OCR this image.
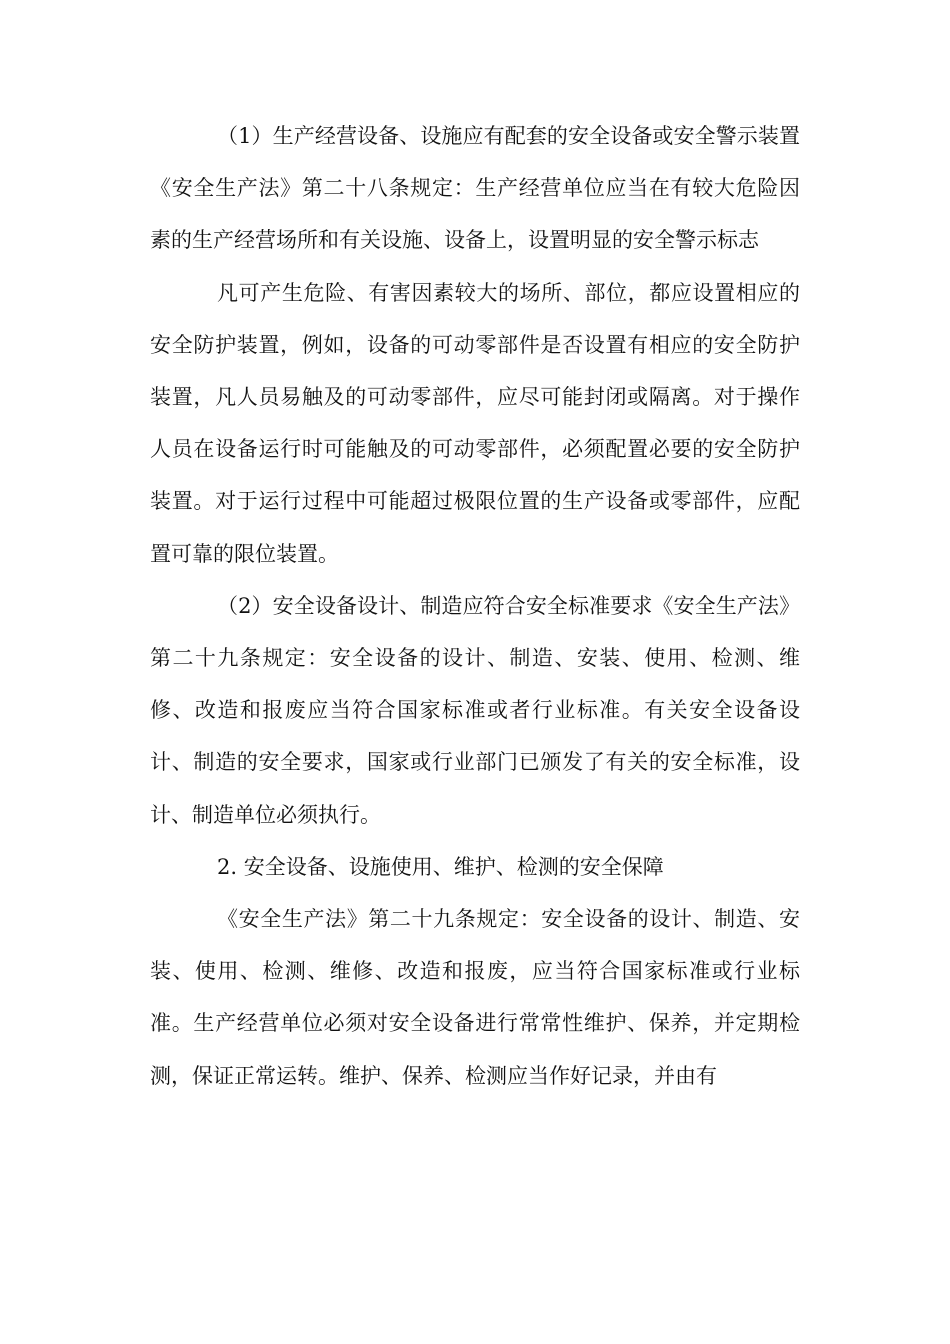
（1）生产经营设备、设施应有配套的安全设备或安全警示装置《安全生产法》第二十八条规定：生产经营单位应当在有较大危险因素的生产经营场所和有关设施、设备上，设置明显的安全警示标志

凡可产生危险、有害因素较大的场所、部位，都应设置相应的安全防护装置，例如，设备的可动零部件是否设置有相应的安全防护装置，凡人员易触及的可动零部件，应尽可能封闭或隔离。对于操作人员在设备运行时可能触及的可动零部件，必须配置必要的安全防护装置。对于运行过程中可能超过极限位置的生产设备或零部件，应配置可靠的限位装置。

（2）安全设备设计、制造应符合安全标准要求《安全生产法》第二十九条规定：安全设备的设计、制造、安装、使用、检测、维修、改造和报废应当符合国家标准或者行业标准。有关安全设备设计、制造的安全要求，国家或行业部门已颁发了有关的安全标准，设计、制造单位必须执行。

2. 安全设备、设施使用、维护、检测的安全保障

《安全生产法》第二十九条规定：安全设备的设计、制造、安装、使用、检测、维修、改造和报废，应当符合国家标准或行业标准。生产经营单位必须对安全设备进行常常性维护、保养，并定期检测，保证正常运转。维护、保养、检测应当作好记录，并由有
